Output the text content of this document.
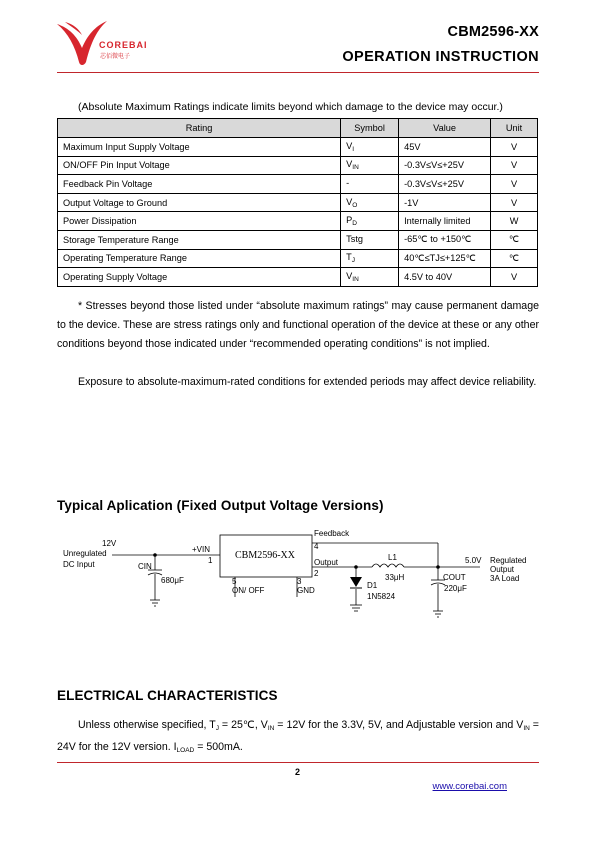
COREBAI
芯佰微电子
CBM2596-XX
OPERATION INSTRUCTION
(Absolute Maximum Ratings indicate limits beyond which damage to the device may occur.)
Rating	Symbol	Value	Unit
Maximum Input Supply Voltage	$V_I$	45V	V
ON/OFF Pin Input Voltage	$V_{IN}$	-0.3V≤V≤+25V	V
Feedback Pin Voltage	-	-0.3V≤V≤+25V	V
Output Voltage to Ground	$V_O$	-1V	V
Power Dissipation	$P_D$	Internally limited	W
Storage Temperature Range	Tstg	-65℃ to +150℃	℃
Operating Temperature Range	$T_J$	40℃≤TJ≤+125℃	℃
Operating Supply Voltage	$V_{IN}$	4.5V to 40V	V
* Stresses beyond those listed under “absolute maximum ratings” may cause permanent damage to the device. These are stress ratings only and functional operation of the device at these or any other conditions beyond those indicated under “recommended operating conditions” is not implied.
Exposure to absolute-maximum-rated conditions for extended periods may affect device reliability.
Typical Aplication (Fixed Output Voltage Versions)
12V
Unregulated
DC Input
+VIN
1 CBM2596-XX
CIN
680μF
Feedback
4
Output
2
5
ON/ OFF
3
GND
L1
33μH
D1
1N5824
COUT
220μF
5.0V Regulated
Output
3A Load
ELECTRICAL CHARACTERISTICS
Unless otherwise specified, $T_J$ = 25℃, $V_{IN} = 12V$ for the 3.3V, 5V, and Adjustable version and $V_{IN} = 24V$ for the 12V version. $I_{LOAD} = 500mA$.
2
www.corebai.com
